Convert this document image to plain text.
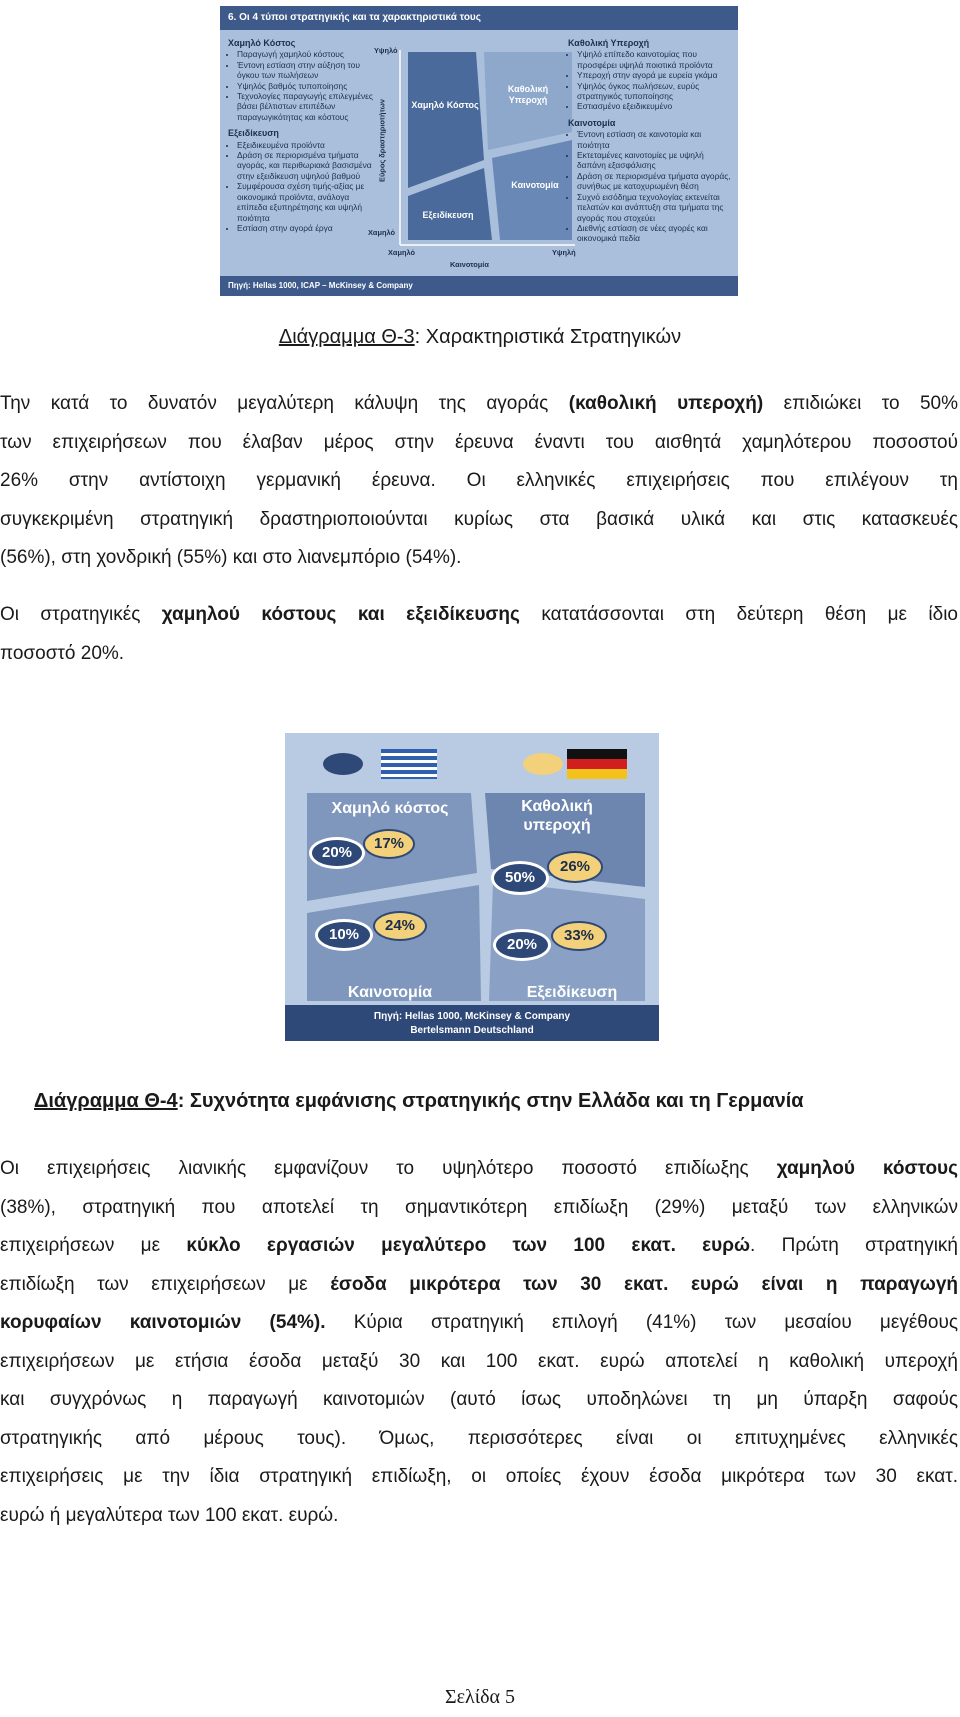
6. Οι 4 τύποι στρατηγικής και τα χαρακτηριστικά τους
Χαμηλό Κόστος
• Παραγωγή χαμηλού κόστους
• Έντονη εστίαση στην αύξηση του όγκου των πωλήσεων
• Υψηλός βαθμός τυποποίησης
• Τεχνολογίες παραγωγής επιλεγμένες βάσει βέλτιστων επιπέδων παραγωγικότητας και κόστους
Εξειδίκευση
• Εξειδικευμένα προϊόντα
• Δράση σε περιορισμένα τμήματα αγοράς, και περιθωριακά βασισμένα στην εξειδίκευση υψηλού βαθμού
• Συμφέρουσα σχέση τιμής-αξίας με οικονομικά προϊόντα, ανάλογα επίπεδα εξυπηρέτησης και υψηλή ποιότητα
• Εστίαση στην αγορά έργα
Χαμηλό Κόστος
Καθολική Υπεροχή
Εξειδίκευση
Καινοτομία
Υψηλό
Χαμηλό
Εύρος δραστηριοτήτων
Χαμηλό	Υψηλή
Καινοτομία
Καθολική Υπεροχή
• Υψηλό επίπεδο καινοτομίας που προσφέρει υψηλά ποιοτικά προϊόντα
• Υπεροχή στην αγορά με ευρεία γκάμα
• Υψηλός όγκος πωλήσεων, ευρύς στρατηγικός τυποποίησης
• Εστιασμένο εξειδικευμένο
Καινοτομία
• Έντονη εστίαση σε καινοτομία και ποιότητα
• Εκτεταμένες καινοτομίες με υψηλή δαπάνη εξασφάλισης
• Δράση σε περιορισμένα τμήματα αγοράς, συνήθως με κατοχυρωμένη θέση
• Συχνό εισόδημα τεχνολογίας εκτενείται πελατών και ανάπτυξη στα τμήματα της αγοράς που στοχεύει
• Διεθνής εστίαση σε νέες αγορές και οικονομικά πεδία
Πηγή: Hellas 1000, ICAP – McKinsey & Company
Διάγραμμα Θ-3: Χαρακτηριστικά Στρατηγικών

Την κατά το δυνατόν μεγαλύτερη κάλυψη της αγοράς (καθολική υπεροχή) επιδιώκει το 50%

των επιχειρήσεων που έλαβαν μέρος στην έρευνα έναντι του αισθητά χαμηλότερου ποσοστού

26% στην αντίστοιχη γερμανική έρευνα. Οι ελληνικές επιχειρήσεις που επιλέγουν τη

συγκεκριμένη στρατηγική δραστηριοποιούνται κυρίως στα βασικά υλικά και στις κατασκευές

(56%), στη χονδρική (55%) και στο λιανεμπόριο (54%).

Οι στρατηγικές χαμηλού κόστους και εξειδίκευσης κατατάσσονται στη δεύτερη θέση με ίδιο

ποσοστό 20%.

Χαμηλό κόστος	Καθολική υπεροχή
Καινοτομία	Εξειδίκευση
20%
17%
50%
26%
10%
24%
20%
33%
Πηγή: Hellas 1000, McKinsey & Company
Bertelsmann Deutschland
Διάγραμμα Θ-4: Συχνότητα εμφάνισης στρατηγικής στην Ελλάδα και τη Γερμανία

Οι επιχειρήσεις λιανικής εμφανίζουν το υψηλότερο ποσοστό επιδίωξης χαμηλού κόστους

(38%), στρατηγική που αποτελεί τη σημαντικότερη επιδίωξη (29%) μεταξύ των ελληνικών

επιχειρήσεων με κύκλο εργασιών μεγαλύτερο των 100 εκατ. ευρώ. Πρώτη στρατηγική

επιδίωξη των επιχειρήσεων με έσοδα μικρότερα των 30 εκατ. ευρώ είναι η παραγωγή

κορυφαίων καινοτομιών (54%). Κύρια στρατηγική επιλογή (41%) των μεσαίου μεγέθους

επιχειρήσεων με ετήσια έσοδα μεταξύ 30 και 100 εκατ. ευρώ αποτελεί η καθολική υπεροχή

και συγχρόνως η παραγωγή καινοτομιών (αυτό ίσως υποδηλώνει τη μη ύπαρξη σαφούς

στρατηγικής από μέρους τους). Όμως, περισσότερες είναι οι επιτυχημένες ελληνικές

επιχειρήσεις με την ίδια στρατηγική επιδίωξη, οι οποίες έχουν έσοδα μικρότερα των 30 εκατ.

ευρώ ή μεγαλύτερα των 100 εκατ. ευρώ.

Σελίδα 5
